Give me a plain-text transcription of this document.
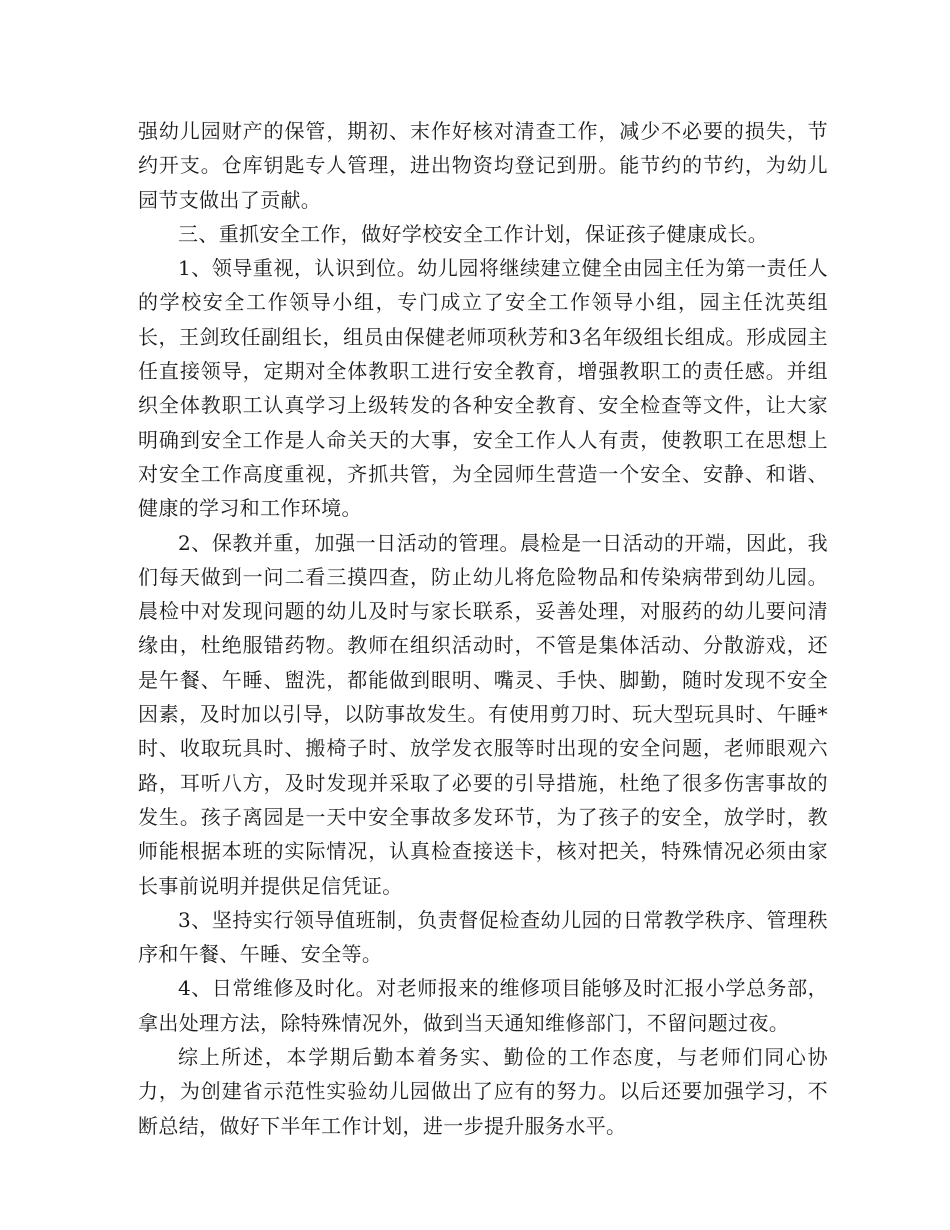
强幼儿园财产的保管，期初、末作好核对清查工作，减少不必要的损失，节约开支。仓库钥匙专人管理，进出物资均登记到册。能节约的节约，为幼儿园节支做出了贡献。

三、重抓安全工作，做好学校安全工作计划，保证孩子健康成长。

1、领导重视，认识到位。幼儿园将继续建立健全由园主任为第一责任人的学校安全工作领导小组，专门成立了安全工作领导小组，园主任沈英组长，王剑玫任副组长，组员由保健老师项秋芳和3名年级组长组成。形成园主任直接领导，定期对全体教职工进行安全教育，增强教职工的责任感。并组织全体教职工认真学习上级转发的各种安全教育、安全检查等文件，让大家明确到安全工作是人命关天的大事，安全工作人人有责，使教职工在思想上对安全工作高度重视，齐抓共管，为全园师生营造一个安全、安静、和谐、健康的学习和工作环境。

2、保教并重，加强一日活动的管理。晨检是一日活动的开端，因此，我们每天做到一问二看三摸四查，防止幼儿将危险物品和传染病带到幼儿园。晨检中对发现问题的幼儿及时与家长联系，妥善处理，对服药的幼儿要问清缘由，杜绝服错药物。教师在组织活动时，不管是集体活动、分散游戏，还是午餐、午睡、盥洗，都能做到眼明、嘴灵、手快、脚勤，随时发现不安全因素，及时加以引导，以防事故发生。有使用剪刀时、玩大型玩具时、午睡*时、收取玩具时、搬椅子时、放学发衣服等时出现的安全问题，老师眼观六路，耳听八方，及时发现并采取了必要的引导措施，杜绝了很多伤害事故的发生。孩子离园是一天中安全事故多发环节，为了孩子的安全，放学时，教师能根据本班的实际情况，认真检查接送卡，核对把关，特殊情况必须由家长事前说明并提供足信凭证。

3、坚持实行领导值班制，负责督促检查幼儿园的日常教学秩序、管理秩序和午餐、午睡、安全等。

4、日常维修及时化。对老师报来的维修项目能够及时汇报小学总务部，拿出处理方法，除特殊情况外，做到当天通知维修部门，不留问题过夜。

综上所述，本学期后勤本着务实、勤俭的工作态度，与老师们同心协力，为创建省示范性实验幼儿园做出了应有的努力。以后还要加强学习，不断总结，做好下半年工作计划，进一步提升服务水平。
